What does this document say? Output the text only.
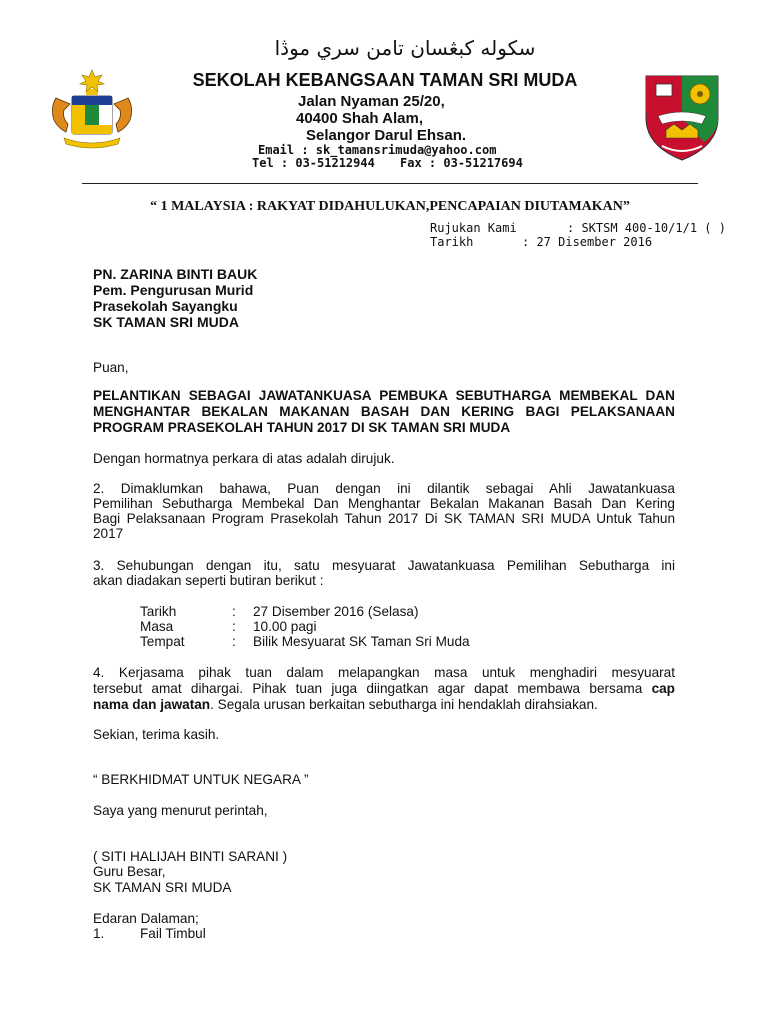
سکوله کبڠسان تامن سري موڎا
SEKOLAH KEBANGSAAN TAMAN SRI MUDA
Jalan Nyaman 25/20,
40400 Shah Alam,
Selangor Darul Ehsan.
Email : sk_tamansrimuda@yahoo.com
Tel : 03-51212944 Fax : 03-51217694
“ 1 MALAYSIA : RAKYAT DIDAHULUKAN,PENCAPAIAN DIUTAMAKAN”
Rujukan Kami	: SKTSM 400-10/1/1 ( )
Tarikh	: 27 Disember 2016
PN. ZARINA BINTI BAUK
Pem. Pengurusan Murid
Prasekolah Sayangku
SK TAMAN SRI MUDA
Puan,
PELANTIKAN SEBAGAI JAWATANKUASA PEMBUKA SEBUTHARGA MEMBEKAL DAN
MENGHANTAR BEKALAN MAKANAN BASAH DAN KERING BAGI PELAKSANAAN
PROGRAM PRASEKOLAH TAHUN 2017 DI SK TAMAN SRI MUDA
Dengan hormatnya perkara di atas adalah dirujuk.
2. Dimaklumkan bahawa, Puan dengan ini dilantik sebagai Ahli Jawatankuasa
Pemilihan Sebutharga Membekal Dan Menghantar Bekalan Makanan Basah Dan Kering
Bagi Pelaksanaan Program Prasekolah Tahun 2017 Di SK TAMAN SRI MUDA Untuk Tahun
2017
3. Sehubungan dengan itu, satu mesyuarat Jawatankuasa Pemilihan Sebutharga ini
akan diadakan seperti butiran berikut :
Tarikh	: 27 Disember 2016 (Selasa)
Masa	: 10.00 pagi
Tempat	: Bilik Mesyuarat SK Taman Sri Muda
4. Kerjasama pihak tuan dalam melapangkan masa untuk menghadiri mesyuarat
tersebut amat dihargai. Pihak tuan juga diingatkan agar dapat membawa bersama cap
nama dan jawatan. Segala urusan berkaitan sebutharga ini hendaklah dirahsiakan.
Sekian, terima kasih.
“ BERKHIDMAT UNTUK NEGARA ”
Saya yang menurut perintah,
( SITI HALIJAH BINTI SARANI )
Guru Besar,
SK TAMAN SRI MUDA
Edaran Dalaman;
1.	Fail Timbul
